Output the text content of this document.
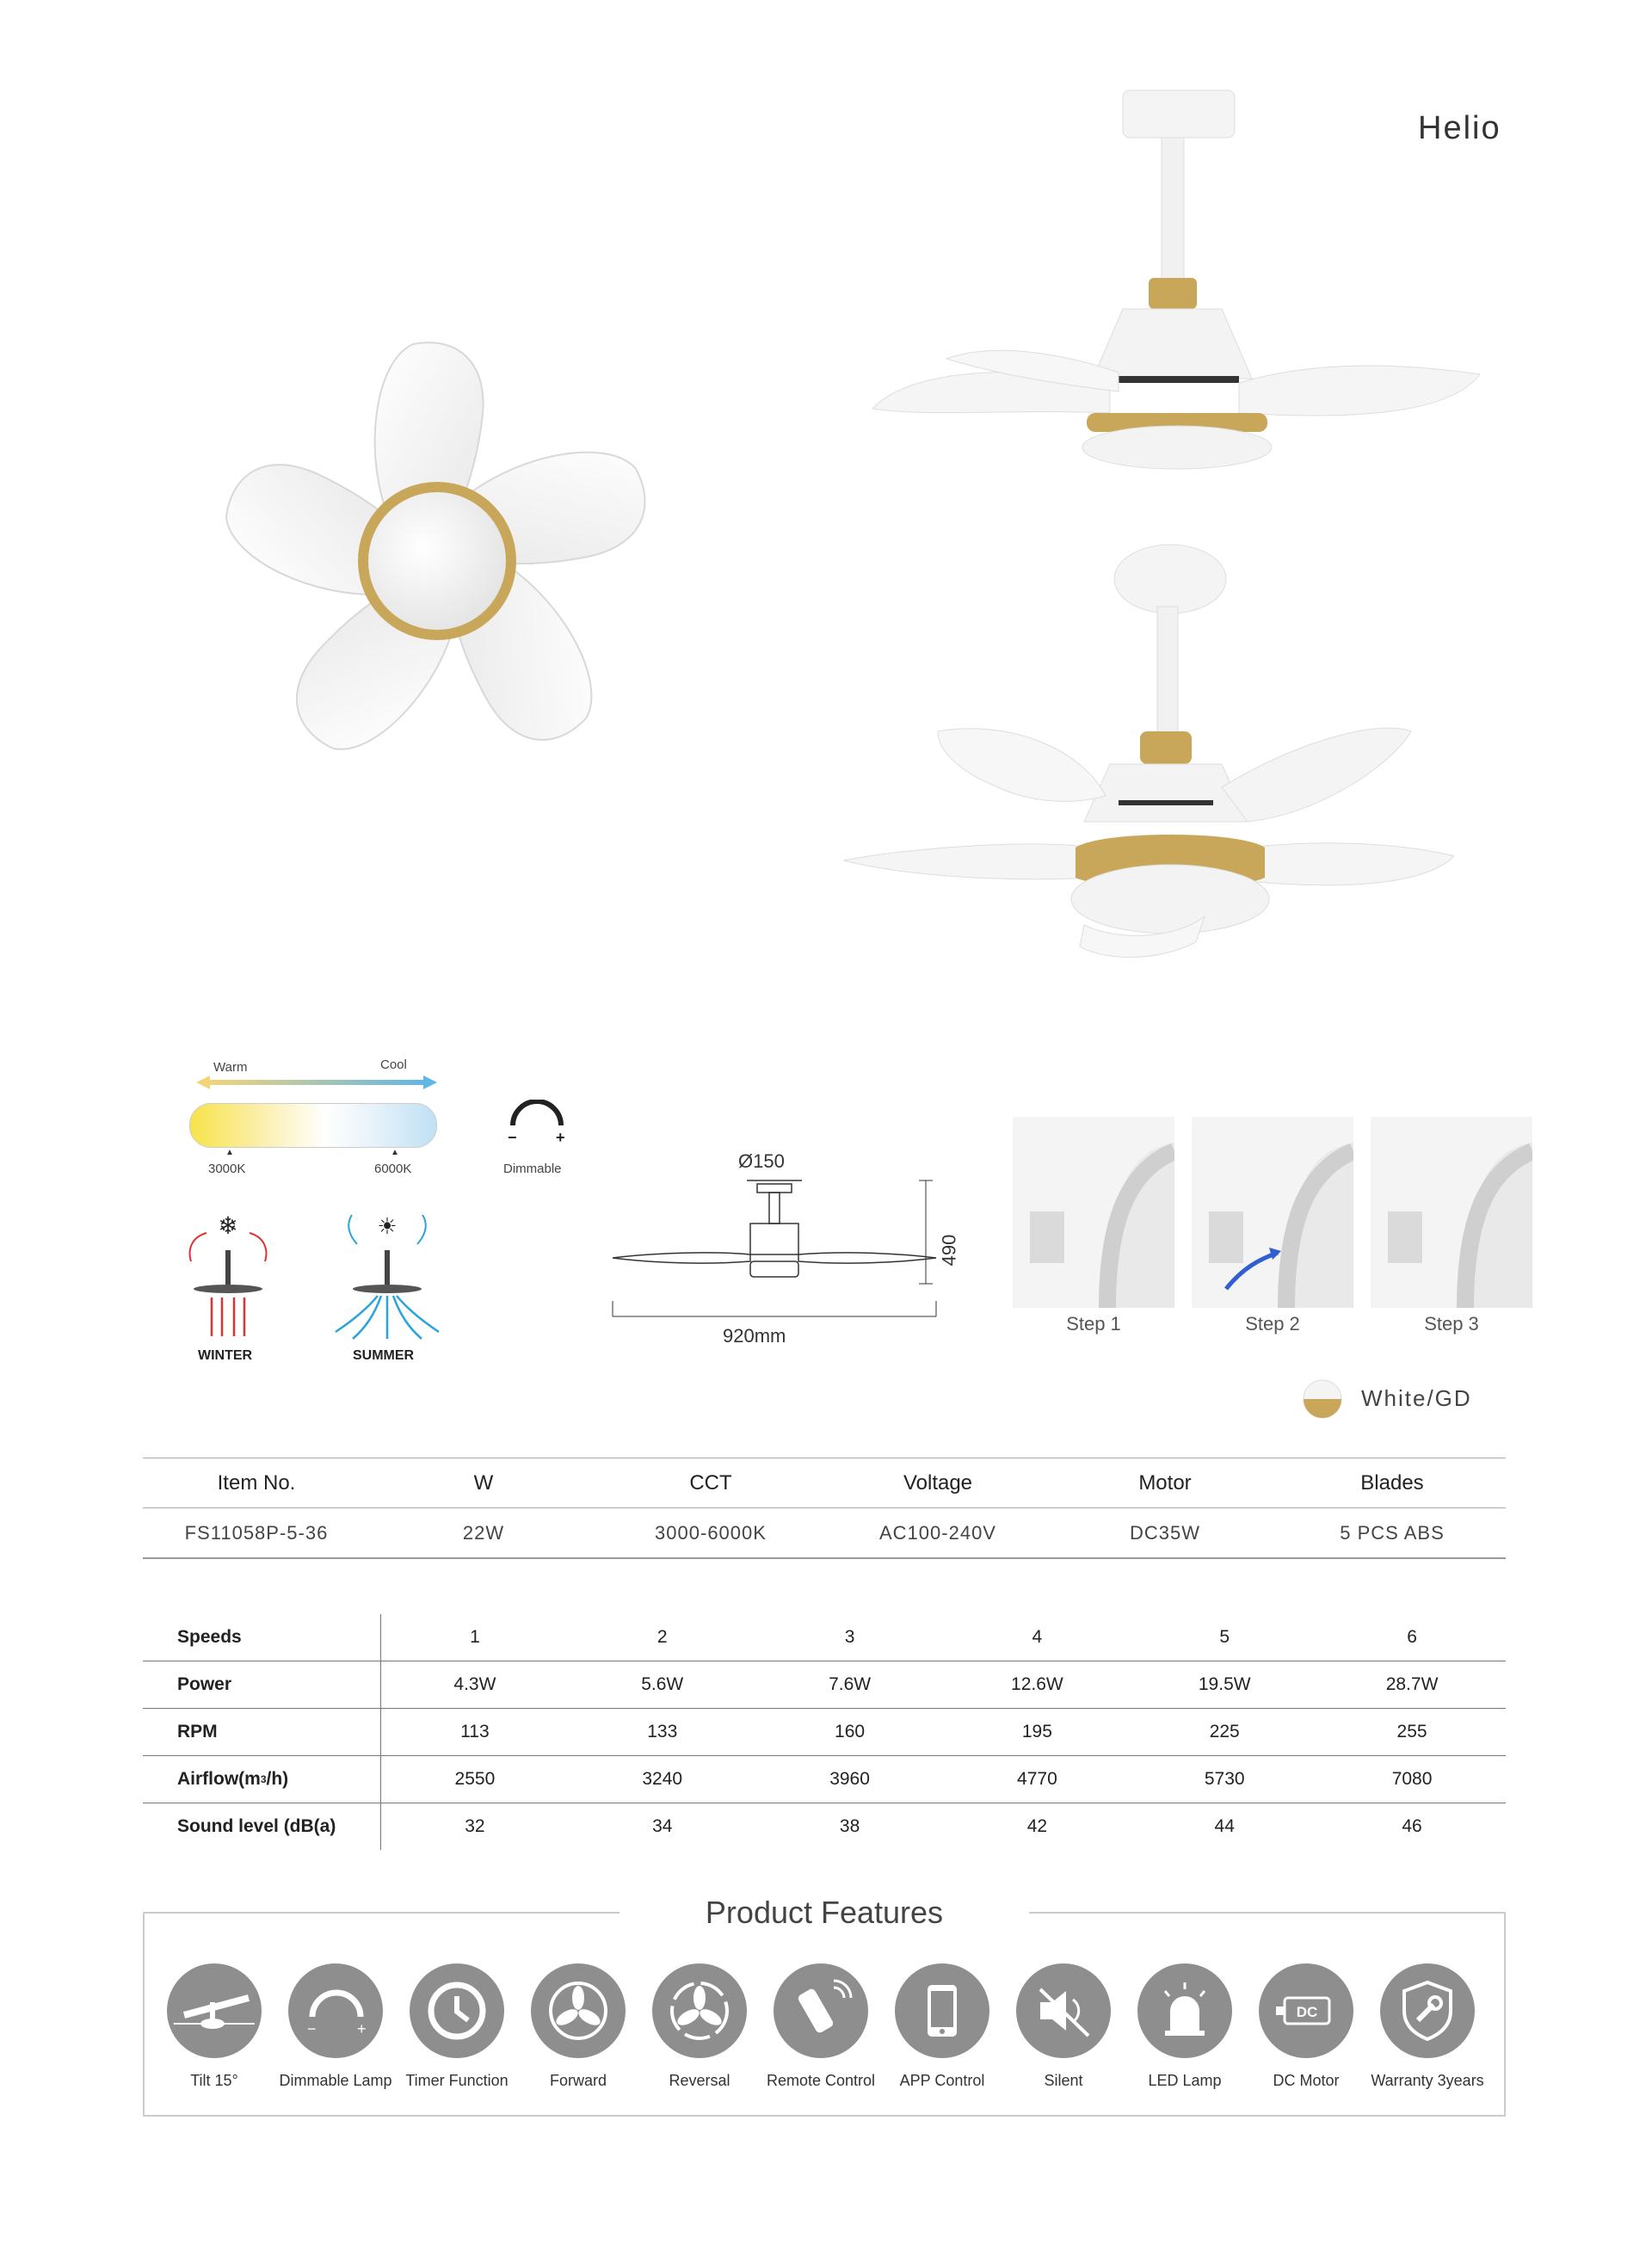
Helio
Warm	Cool
▲	▲
3000K	6000K
−	+
Dimmable
❄
WINTER
☀
SUMMER
Ø150
490
920mm
Step 1	Step 2	Step 3
White/GD
Item No.	W	CCT	Voltage	Motor	Blades
FS11058P-5-36	22W	3000-6000K	AC100-240V	DC35W	5 PCS ABS
Speeds	1	2	3	4	5	6
Power	4.3W	5.6W	7.6W	12.6W	19.5W	28.7W
RPM	113	133	160	195	225	255
Airflow(m 3 /h)	2550	3240	3960	4770	5730	7080
Sound level (dB(a)	32	34	38	42	44	46
Product Features
Tilt 15°
−	+
Dimmable Lamp Timer Function	Forward	Reversal	Remote Control	APP Control	Silent	LED Lamp
DC
DC Motor	Warranty 3years
